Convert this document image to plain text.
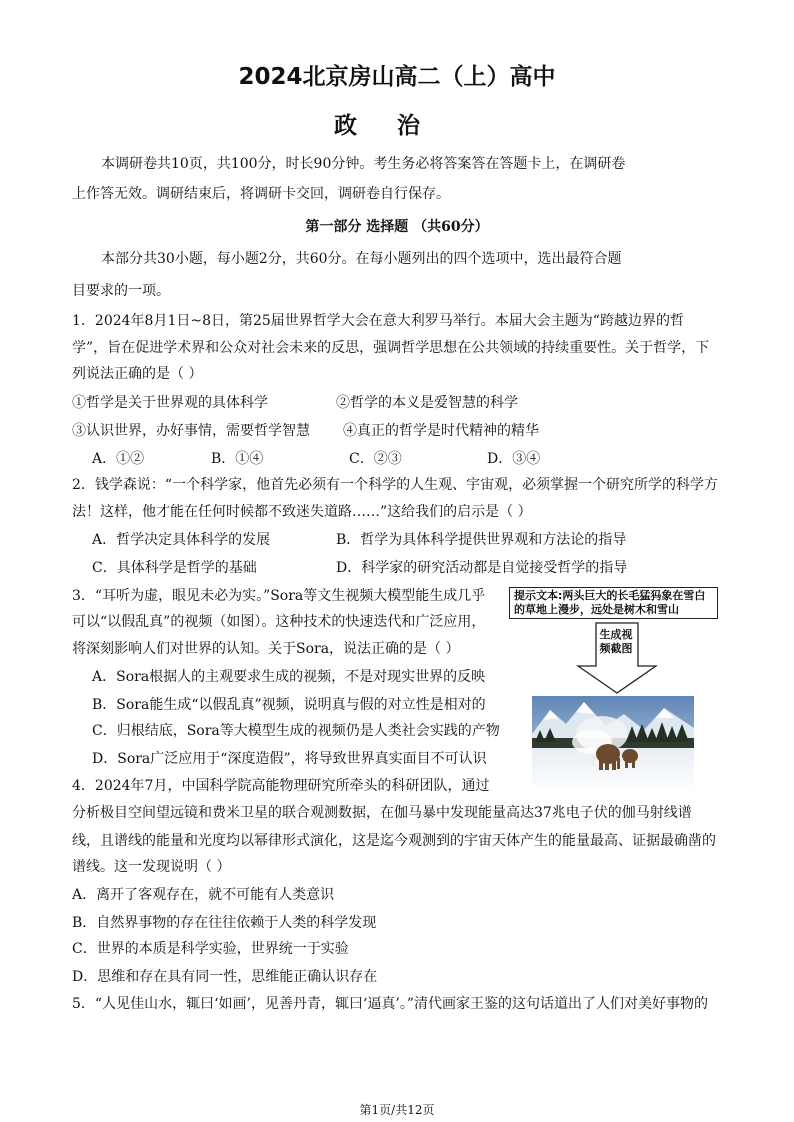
2024北京房山高二（上）高中
政治
本调研卷共10页，共100分，时长90分钟。考生务必将答案答在答题卡上，在调研卷
上作答无效。调研结束后，将调研卡交回，调研卷自行保存。
第一部分 选择题 （共60分）
本部分共30小题，每小题2分，共60分。在每小题列出的四个选项中，选出最符合题
目要求的一项。
1．2024年8月1日~8日，第25届世界哲学大会在意大利罗马举行。本届大会主题为“跨越边界的哲
学”，旨在促进学术界和公众对社会未来的反思，强调哲学思想在公共领域的持续重要性。关于哲学，下
列说法正确的是（ ）
①哲学是关于世界观的具体科学	②哲学的本义是爱智慧的科学
③认识世界，办好事情，需要哲学智慧 ④真正的哲学是时代精神的精华
A．①②	B．①④	C．②③	D．③④
2．钱学森说：“一个科学家，他首先必须有一个科学的人生观、宇宙观，必须掌握一个研究所学的科学方
法！这样，他才能在任何时候都不致迷失道路……”这给我们的启示是（ ）
A．哲学决定具体科学的发展	B．哲学为具体科学提供世界观和方法论的指导
C．具体科学是哲学的基础	D．科学家的研究活动都是自觉接受哲学的指导
3．“耳听为虚，眼见未必为实。”Sora等文生视频大模型能生成几乎
可以“以假乱真”的视频（如图）。这种技术的快速迭代和广泛应用，
将深刻影响人们对世界的认知。关于Sora，说法正确的是（ ）
A．Sora根据人的主观要求生成的视频，不是对现实世界的反映
B．Sora能生成“以假乱真”视频，说明真与假的对立性是相对的
C．归根结底，Sora等大模型生成的视频仍是人类社会实践的产物
D．Sora广泛应用于“深度造假”，将导致世界真实面目不可认识
提示文本:两头巨大的长毛猛犸象在雪白的草地上漫步，远处是树木和雪山
生成视频截图
4．2024年7月，中国科学院高能物理研究所牵头的科研团队，通过
分析极目空间望远镜和费米卫星的联合观测数据，在伽马暴中发现能量高达37兆电子伏的伽马射线谱
线，且谱线的能量和光度均以幂律形式演化，这是迄今观测到的宇宙天体产生的能量最高、证据最确凿的
谱线。这一发现说明（ ）
A．离开了客观存在，就不可能有人类意识
B．自然界事物的存在往往依赖于人类的科学发现
C．世界的本质是科学实验，世界统一于实验
D．思维和存在具有同一性，思维能正确认识存在
5．“人见佳山水，辄曰‘如画’，见善丹青，辄曰‘逼真’。”清代画家王鉴的这句话道出了人们对美好事物的
第1页/共12页
